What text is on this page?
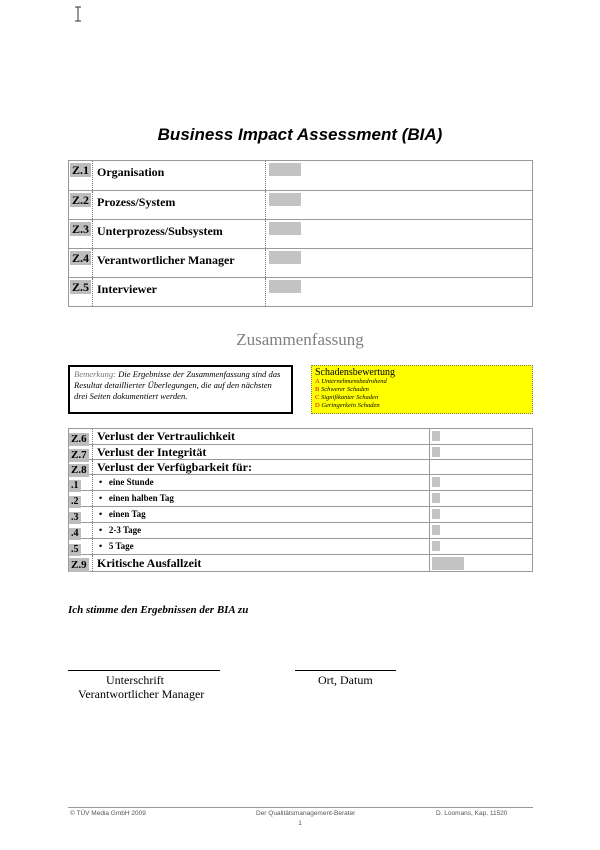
Business Impact Assessment (BIA)
Z.1 Organisation
Z.2 Prozess/System
Z.3 Unterprozess/Subsystem
Z.4 Verantwortlicher Manager
Z.5 Interviewer
Zusammenfassung
Bemerkung: Die Ergebnisse der Zusammenfassung sind das Resultat detaillierter Überlegungen, die auf den nächsten drei Seiten dokumentiert werden.
Schadensbewertung
A Unternehmensbedrohend
B Schwerer Schaden
C Signifikanter Schaden
D Geringerkein Schaden
Z.6 Verlust der Vertraulichkeit
Z.7 Verlust der Integrität
Z.8 Verlust der Verfügbarkeit für:
.1	• eine Stunde
.2	• einen halben Tag
.3	• einen Tag
.4	• 2-3 Tage
.5	• 5 Tage
Z.9 Kritische Ausfallzeit
Ich stimme den Ergebnissen der BIA zu
Unterschrift
Verantwortlicher Manager
Ort, Datum
© TÜV Media GmbH 2009	Der Qualitätsmanagement-Berater	D. Loomans, Kap. 11520
1
